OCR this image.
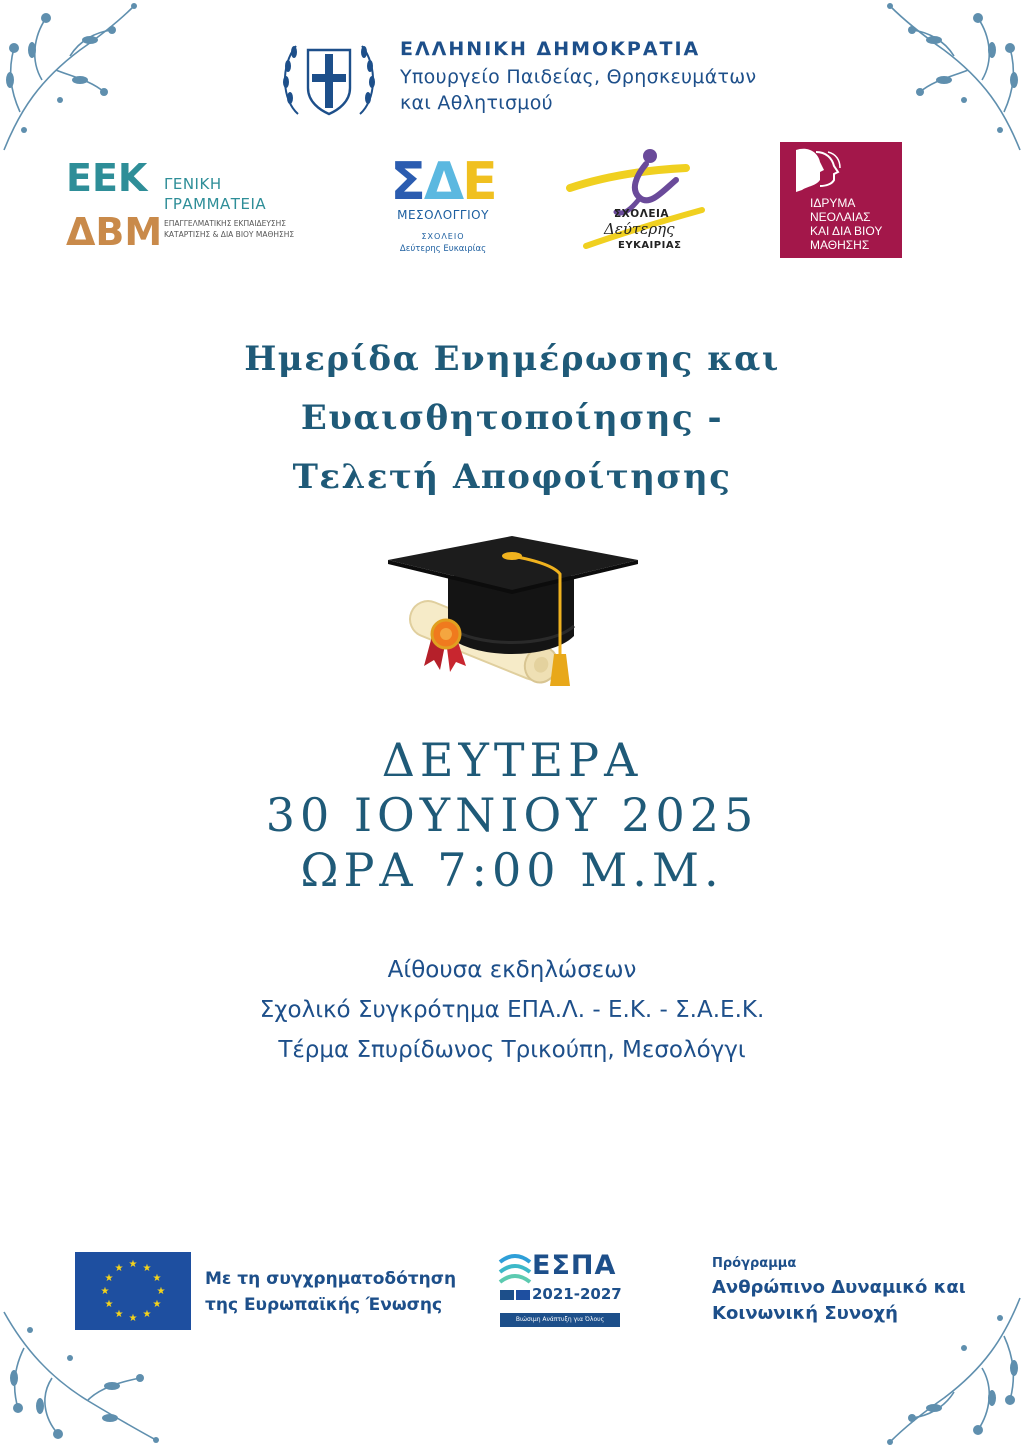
ΕΛΛΗΝΙΚΗ ΔΗΜΟΚΡΑΤΙΑ

Υπουργείο Παιδείας, Θρησκευμάτων
και Αθλητισμού

ΕΕΚ
ΔΒΜ
ΓΕΝΙΚΗ
ΓΡΑΜΜΑΤΕΙΑ
ΕΠΑΓΓΕΛΜΑΤΙΚΗΣ ΕΚΠΑΙΔΕΥΣΗΣ
ΚΑΤΑΡΤΙΣΗΣ & ΔΙΑ ΒΙΟΥ ΜΑΘΗΣΗΣ
ΣΔΕ
ΜΕΣΟΛΟΓΓΙΟΥ
ΣΧΟΛΕΙΟ
Δεύτερης Ευκαιρίας
ΣΧΟΛΕΙΑ
Δεύτερης
ΕΥΚΑΙΡΙΑΣ
ΙΔΡΥΜΑ
ΝΕΟΛΑΙΑΣ
ΚΑΙ ΔΙΑ ΒΙΟΥ
ΜΑΘΗΣΗΣ
Ημερίδα Ενημέρωσης και
Ευαισθητοποίησης -
Τελετή Αποφοίτησης
ΔΕΥΤΕΡΑ
30 ΙΟΥΝΙΟΥ 2025
ΩΡΑ 7:00 Μ.Μ.
Αίθουσα εκδηλώσεων
Σχολικό Συγκρότημα ΕΠΑ.Λ. - Ε.Κ. - Σ.Α.Ε.Κ.
Τέρμα Σπυρίδωνος Τρικούπη, Μεσολόγγι
★ ★
★
★
★
★
★
★
★
★
★
★
Με τη συγχρηματοδότηση
της Ευρωπαϊκής Ένωσης
ΕΣΠΑ
2021-2027
Βιώσιμη Ανάπτυξη για Όλους

Πρόγραμμα

Ανθρώπινο Δυναμικό και
Κοινωνική Συνοχή
